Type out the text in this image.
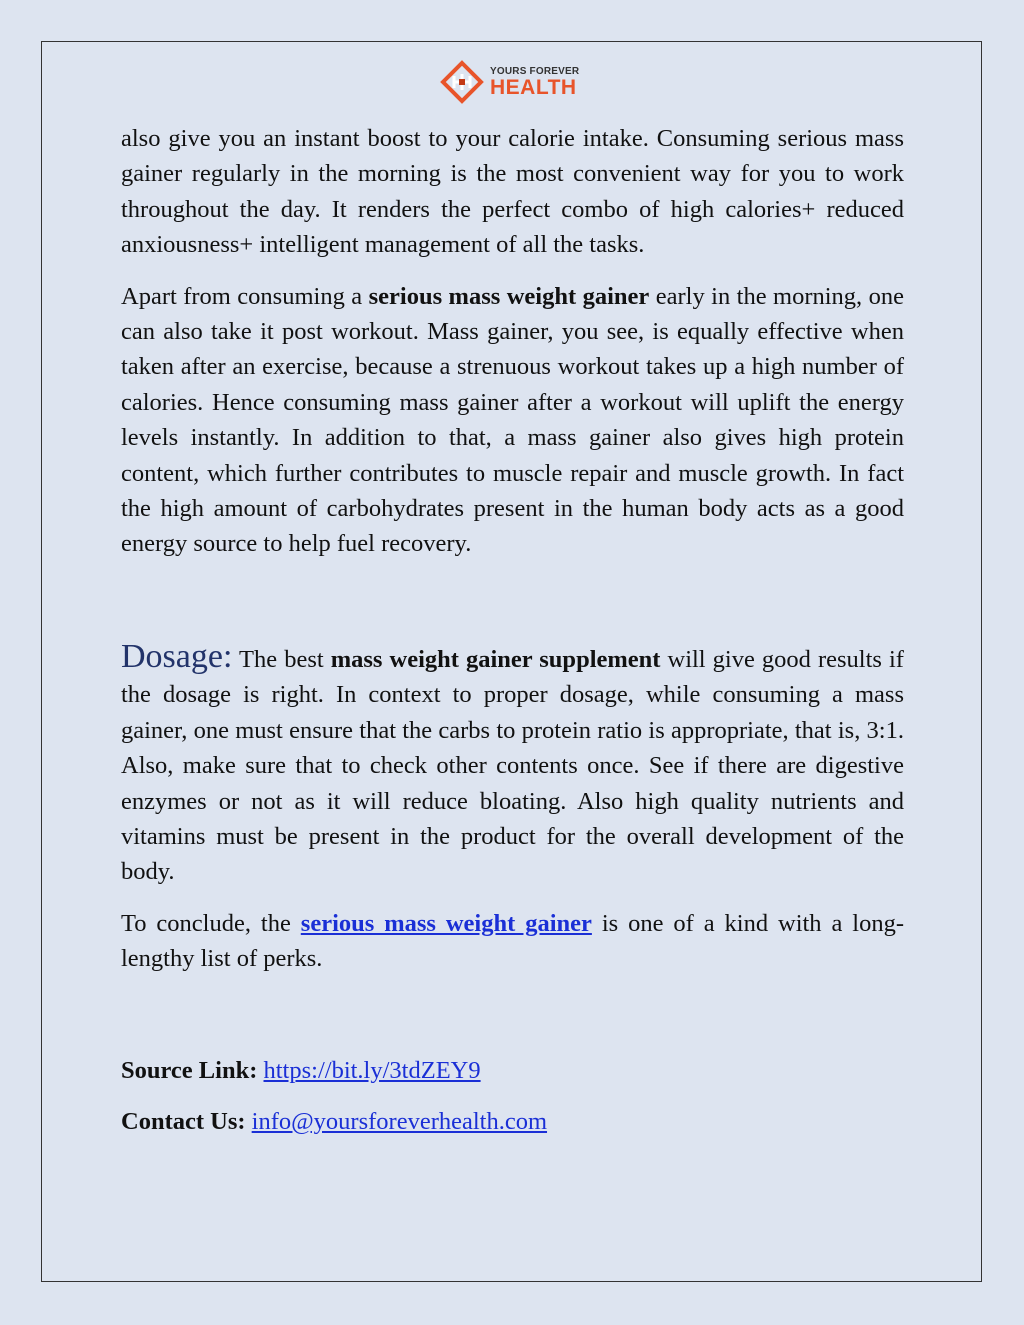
YOURS FOREVER
HEALTH

also give you an instant boost to your calorie intake. Consuming serious mass gainer regularly in the morning is the most convenient way for you to work throughout the day. It renders the perfect combo of high calories+ reduced anxiousness+ intelligent management of all the tasks.

Apart from consuming a serious mass weight gainer early in the morning, one can also take it post workout. Mass gainer, you see, is equally effective when taken after an exercise, because a strenuous workout takes up a high number of calories. Hence consuming mass gainer after a workout will uplift the energy levels instantly. In addition to that, a mass gainer also gives high protein content, which further contributes to muscle repair and muscle growth. In fact the high amount of carbohydrates present in the human body acts as a good energy source to help fuel recovery.

Dosage: The best mass weight gainer supplement will give good results if the dosage is right. In context to proper dosage, while consuming a mass gainer, one must ensure that the carbs to protein ratio is appropriate, that is, 3:1. Also, make sure that to check other contents once. See if there are digestive enzymes or not as it will reduce bloating. Also high quality nutrients and vitamins must be present in the product for the overall development of the body.

To conclude, the serious mass weight gainer is one of a kind with a long- lengthy list of perks.

Source Link: https://bit.ly/3tdZEY9

Contact Us: info@yoursforeverhealth.com
